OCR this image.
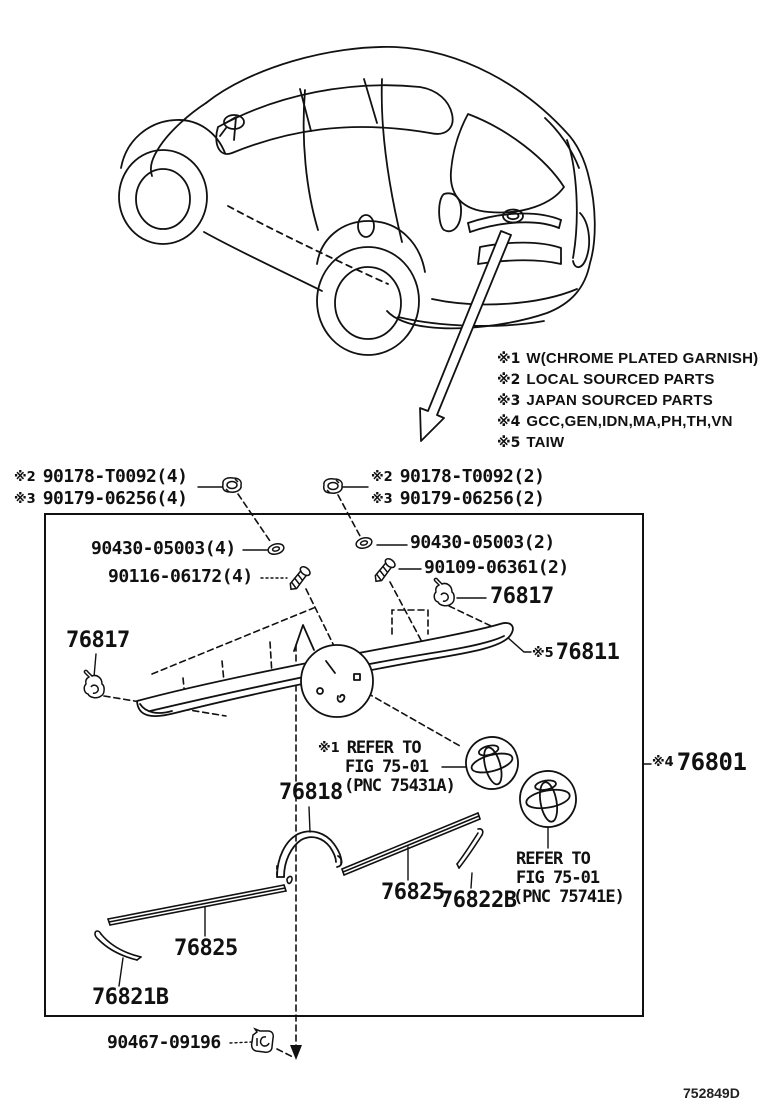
※1 W(CHROME PLATED GARNISH)
※2 LOCAL SOURCED PARTS
※3 JAPAN SOURCED PARTS
※4 GCC,GEN,IDN,MA,PH,TH,VN
※5 TAIW
※2 90178-T0092(4)
※3 90179-06256(4)
※2 90178-T0092(2)
※3 90179-06256(2)
90430-05003(4)
90116-06172(4)
90430-05003(2)
90109-06361(2)
76817
76817	※5 76811
※4 76801
※1 REFER TO
FIG 75-01
(PNC 75431A)
REFER TO
FIG 75-01
(PNC 75741E)
76818
76825
76822B
76825
76821B
90467-09196
752849D
